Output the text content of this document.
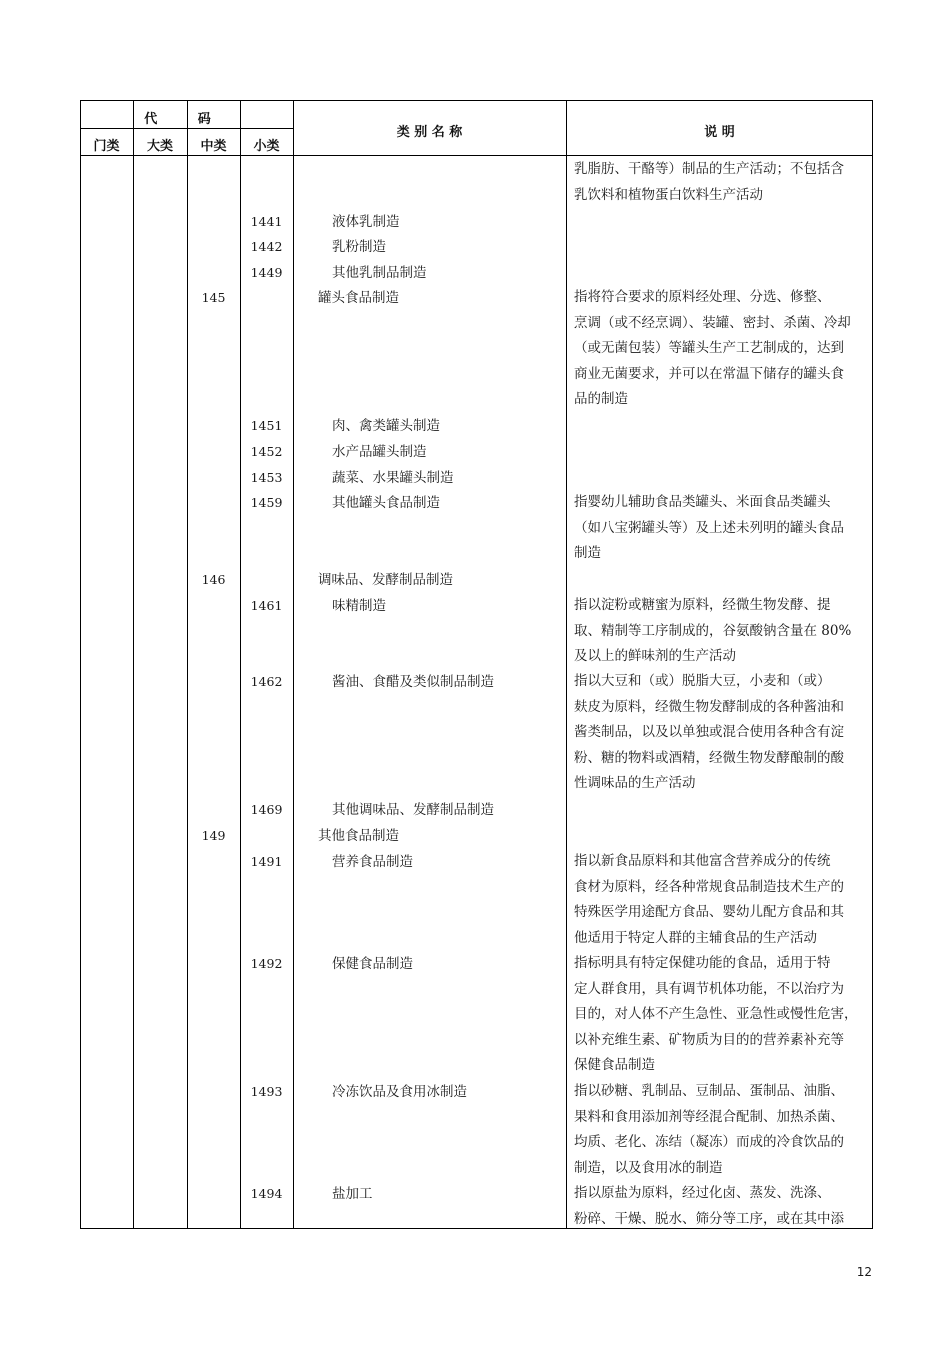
代 码
门类	大类	中类	小类
类 别 名 称	说 明
乳脂肪、干酪等）制品的生产活动；不包括含
乳饮料和植物蛋白饮料生产活动
1441	液体乳制造
1442	乳粉制造
1449	其他乳制品制造
145	罐头食品制造	指将符合要求的原料经处理、分选、修整、
烹调（或不经烹调）、装罐、密封、杀菌、冷却
（或无菌包装）等罐头生产工艺制成的，达到
商业无菌要求，并可以在常温下储存的罐头食
品的制造
1451	肉、禽类罐头制造
1452	水产品罐头制造
1453	蔬菜、水果罐头制造
1459	其他罐头食品制造	指婴幼儿辅助食品类罐头、米面食品类罐头
（如八宝粥罐头等）及上述未列明的罐头食品
制造
146	调味品、发酵制品制造
1461	味精制造	指以淀粉或糖蜜为原料，经微生物发酵、提
取、精制等工序制成的，谷氨酸钠含量在 80%
及以上的鲜味剂的生产活动
1462	酱油、食醋及类似制品制造	指以大豆和（或）脱脂大豆，小麦和（或）
麸皮为原料，经微生物发酵制成的各种酱油和
酱类制品，以及以单独或混合使用各种含有淀
粉、糖的物料或酒精，经微生物发酵酿制的酸
性调味品的生产活动
1469	其他调味品、发酵制品制造
149	其他食品制造
1491	营养食品制造	指以新食品原料和其他富含营养成分的传统
食材为原料，经各种常规食品制造技术生产的
特殊医学用途配方食品、婴幼儿配方食品和其
他适用于特定人群的主辅食品的生产活动
1492	保健食品制造	指标明具有特定保健功能的食品，适用于特
定人群食用，具有调节机体功能，不以治疗为
目的，对人体不产生急性、亚急性或慢性危害，
以补充维生素、矿物质为目的的营养素补充等
保健食品制造
1493	冷冻饮品及食用冰制造	指以砂糖、乳制品、豆制品、蛋制品、油脂、
果料和食用添加剂等经混合配制、加热杀菌、
均质、老化、冻结（凝冻）而成的冷食饮品的
制造，以及食用冰的制造
1494	盐加工	指以原盐为原料，经过化卤、蒸发、洗涤、
粉碎、干燥、脱水、筛分等工序，或在其中添
12
